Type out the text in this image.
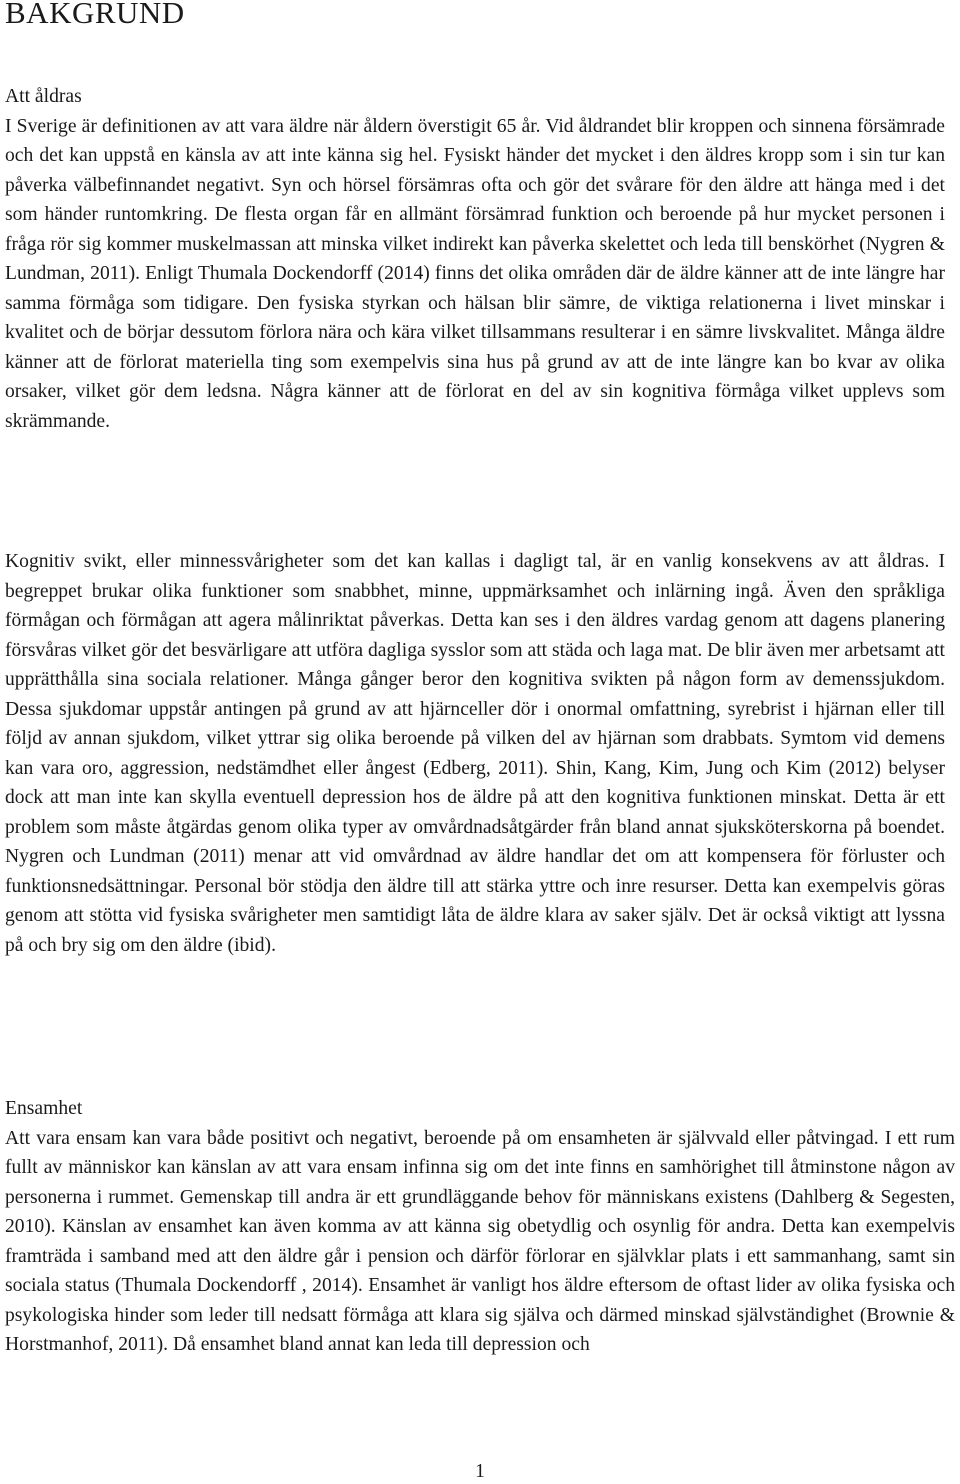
BAKGRUND
Att åldras

I Sverige är definitionen av att vara äldre när åldern överstigit 65 år. Vid åldrandet blir kroppen och sinnena försämrade och det kan uppstå en känsla av att inte känna sig hel. Fysiskt händer det mycket i den äldres kropp som i sin tur kan påverka välbefinnandet negativt. Syn och hörsel försämras ofta och gör det svårare för den äldre att hänga med i det som händer runtomkring. De flesta organ får en allmänt försämrad funktion och beroende på hur mycket personen i fråga rör sig kommer muskelmassan att minska vilket indirekt kan påverka skelettet och leda till benskörhet (Nygren & Lundman, 2011). Enligt Thumala Dockendorff (2014) finns det olika områden där de äldre känner att de inte längre har samma förmåga som tidigare. Den fysiska styrkan och hälsan blir sämre, de viktiga relationerna i livet minskar i kvalitet och de börjar dessutom förlora nära och kära vilket tillsammans resulterar i en sämre livskvalitet. Många äldre känner att de förlorat materiella ting som exempelvis sina hus på grund av att de inte längre kan bo kvar av olika orsaker, vilket gör dem ledsna. Några känner att de förlorat en del av sin kognitiva förmåga vilket upplevs som skrämmande.

Kognitiv svikt, eller minnessvårigheter som det kan kallas i dagligt tal, är en vanlig konsekvens av att åldras. I begreppet brukar olika funktioner som snabbhet, minne, uppmärksamhet och inlärning ingå. Även den språkliga förmågan och förmågan att agera målinriktat påverkas. Detta kan ses i den äldres vardag genom att dagens planering försvåras vilket gör det besvärligare att utföra dagliga sysslor som att städa och laga mat. De blir även mer arbetsamt att upprätthålla sina sociala relationer. Många gånger beror den kognitiva svikten på någon form av demenssjukdom. Dessa sjukdomar uppstår antingen på grund av att hjärnceller dör i onormal omfattning, syrebrist i hjärnan eller till följd av annan sjukdom, vilket yttrar sig olika beroende på vilken del av hjärnan som drabbats. Symtom vid demens kan vara oro, aggression, nedstämdhet eller ångest (Edberg, 2011). Shin, Kang, Kim, Jung och Kim (2012) belyser dock att man inte kan skylla eventuell depression hos de äldre på att den kognitiva funktionen minskat. Detta är ett problem som måste åtgärdas genom olika typer av omvårdnadsåtgärder från bland annat sjuksköterskorna på boendet. Nygren och Lundman (2011) menar att vid omvårdnad av äldre handlar det om att kompensera för förluster och funktionsnedsättningar. Personal bör stödja den äldre till att stärka yttre och inre resurser. Detta kan exempelvis göras genom att stötta vid fysiska svårigheter men samtidigt låta de äldre klara av saker själv. Det är också viktigt att lyssna på och bry sig om den äldre (ibid).

Ensamhet

Att vara ensam kan vara både positivt och negativt, beroende på om ensamheten är självvald eller påtvingad. I ett rum fullt av människor kan känslan av att vara ensam infinna sig om det inte finns en samhörighet till åtminstone någon av personerna i rummet. Gemenskap till andra är ett grundläggande behov för människans existens (Dahlberg & Segesten, 2010). Känslan av ensamhet kan även komma av att känna sig obetydlig och osynlig för andra. Detta kan exempelvis framträda i samband med att den äldre går i pension och därför förlorar en självklar plats i ett sammanhang, samt sin sociala status (Thumala Dockendorff , 2014). Ensamhet är vanligt hos äldre eftersom de oftast lider av olika fysiska och psykologiska hinder som leder till nedsatt förmåga att klara sig själva och därmed minskad självständighet (Brownie & Horstmanhof, 2011). Då ensamhet bland annat kan leda till depression och

1
